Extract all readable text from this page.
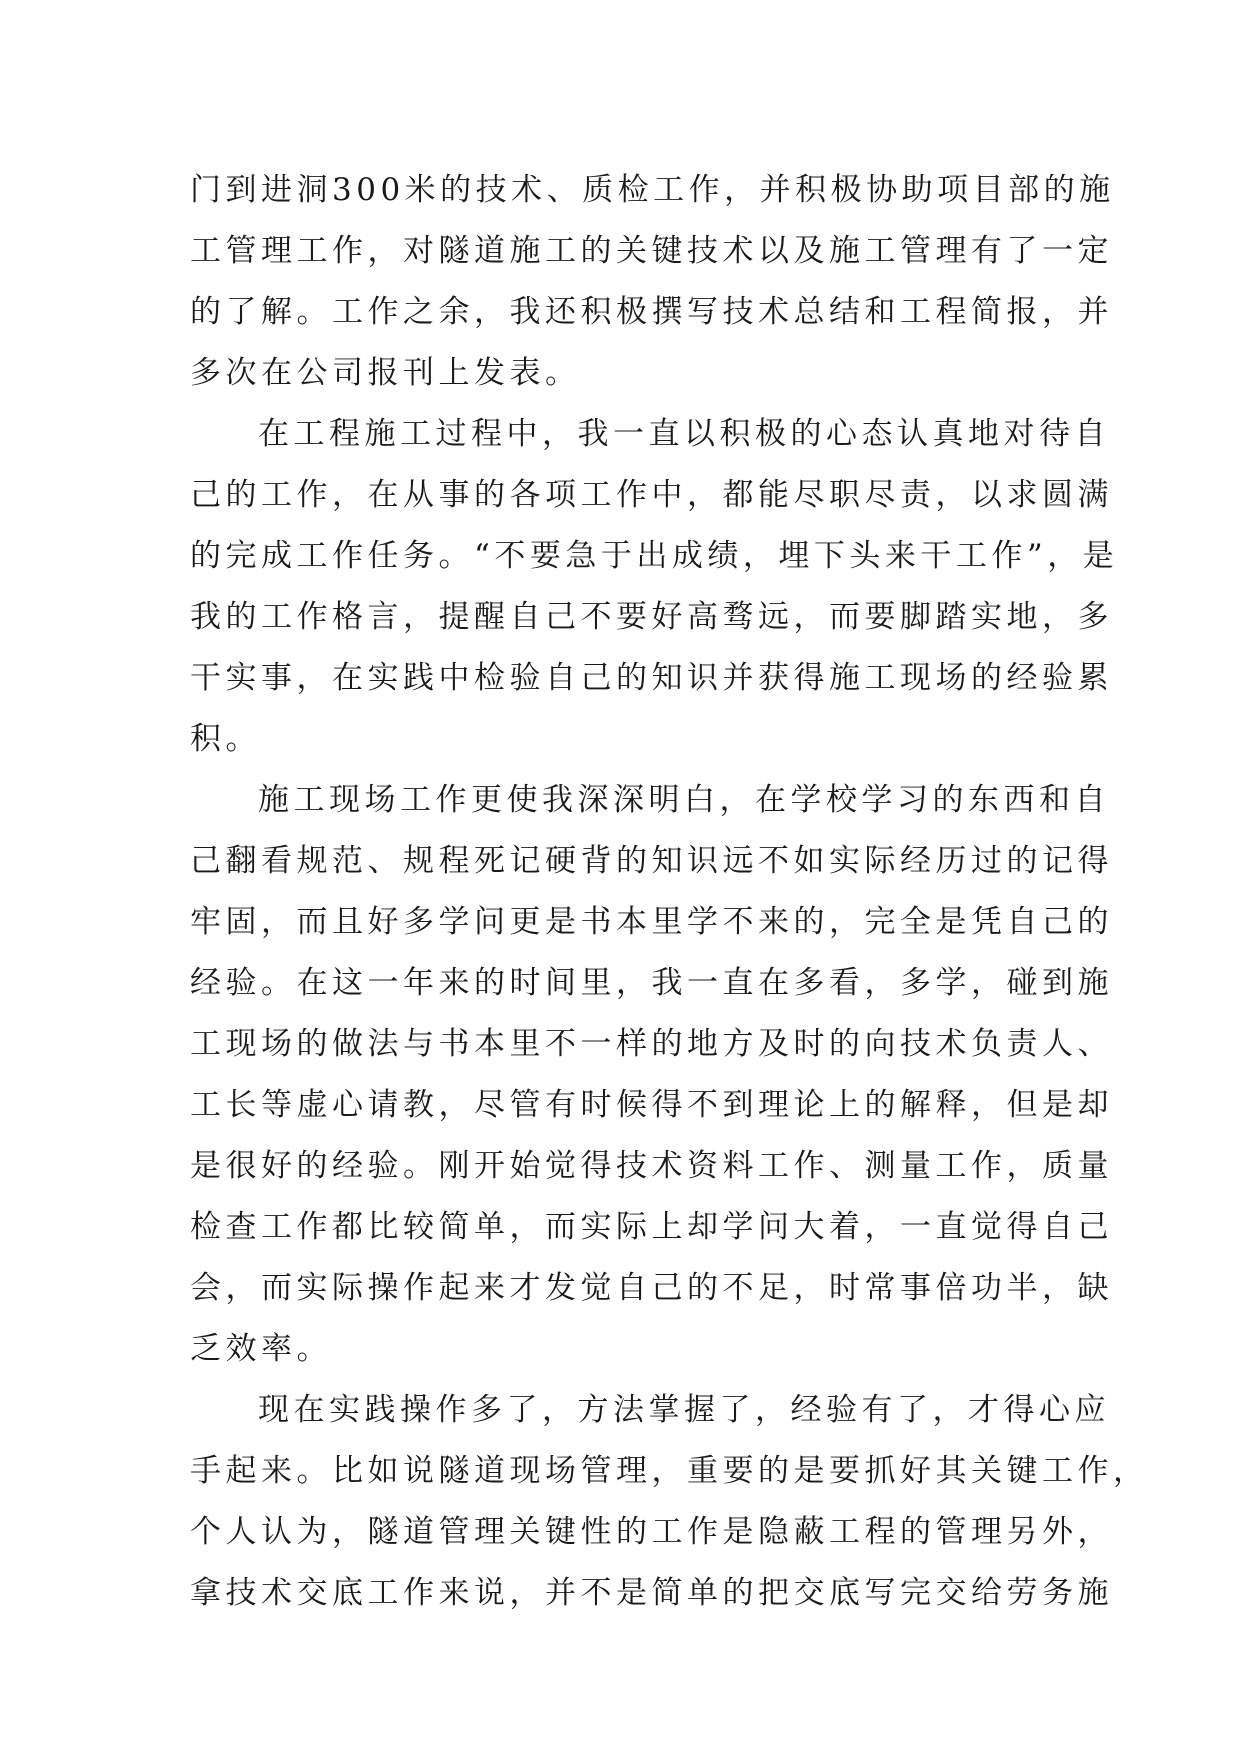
门到进洞300米的技术、质检工作，并积极协助项目部的施
工管理工作，对隧道施工的关键技术以及施工管理有了一定
的了解。工作之余，我还积极撰写技术总结和工程简报，并
多次在公司报刊上发表。
在工程施工过程中，我一直以积极的心态认真地对待自
己的工作，在从事的各项工作中，都能尽职尽责，以求圆满
的完成工作任务。“不要急于出成绩，埋下头来干工作”，是
我的工作格言，提醒自己不要好高骛远，而要脚踏实地，多
干实事，在实践中检验自己的知识并获得施工现场的经验累
积。
施工现场工作更使我深深明白，在学校学习的东西和自
己翻看规范、规程死记硬背的知识远不如实际经历过的记得
牢固，而且好多学问更是书本里学不来的，完全是凭自己的
经验。在这一年来的时间里，我一直在多看，多学，碰到施
工现场的做法与书本里不一样的地方及时的向技术负责人、
工长等虚心请教，尽管有时候得不到理论上的解释，但是却
是很好的经验。刚开始觉得技术资料工作、测量工作，质量
检查工作都比较简单，而实际上却学问大着，一直觉得自己
会，而实际操作起来才发觉自己的不足，时常事倍功半，缺
乏效率。
现在实践操作多了，方法掌握了，经验有了，才得心应
手起来。比如说隧道现场管理，重要的是要抓好其关键工作，
个人认为，隧道管理关键性的工作是隐蔽工程的管理另外，
拿技术交底工作来说，并不是简单的把交底写完交给劳务施
